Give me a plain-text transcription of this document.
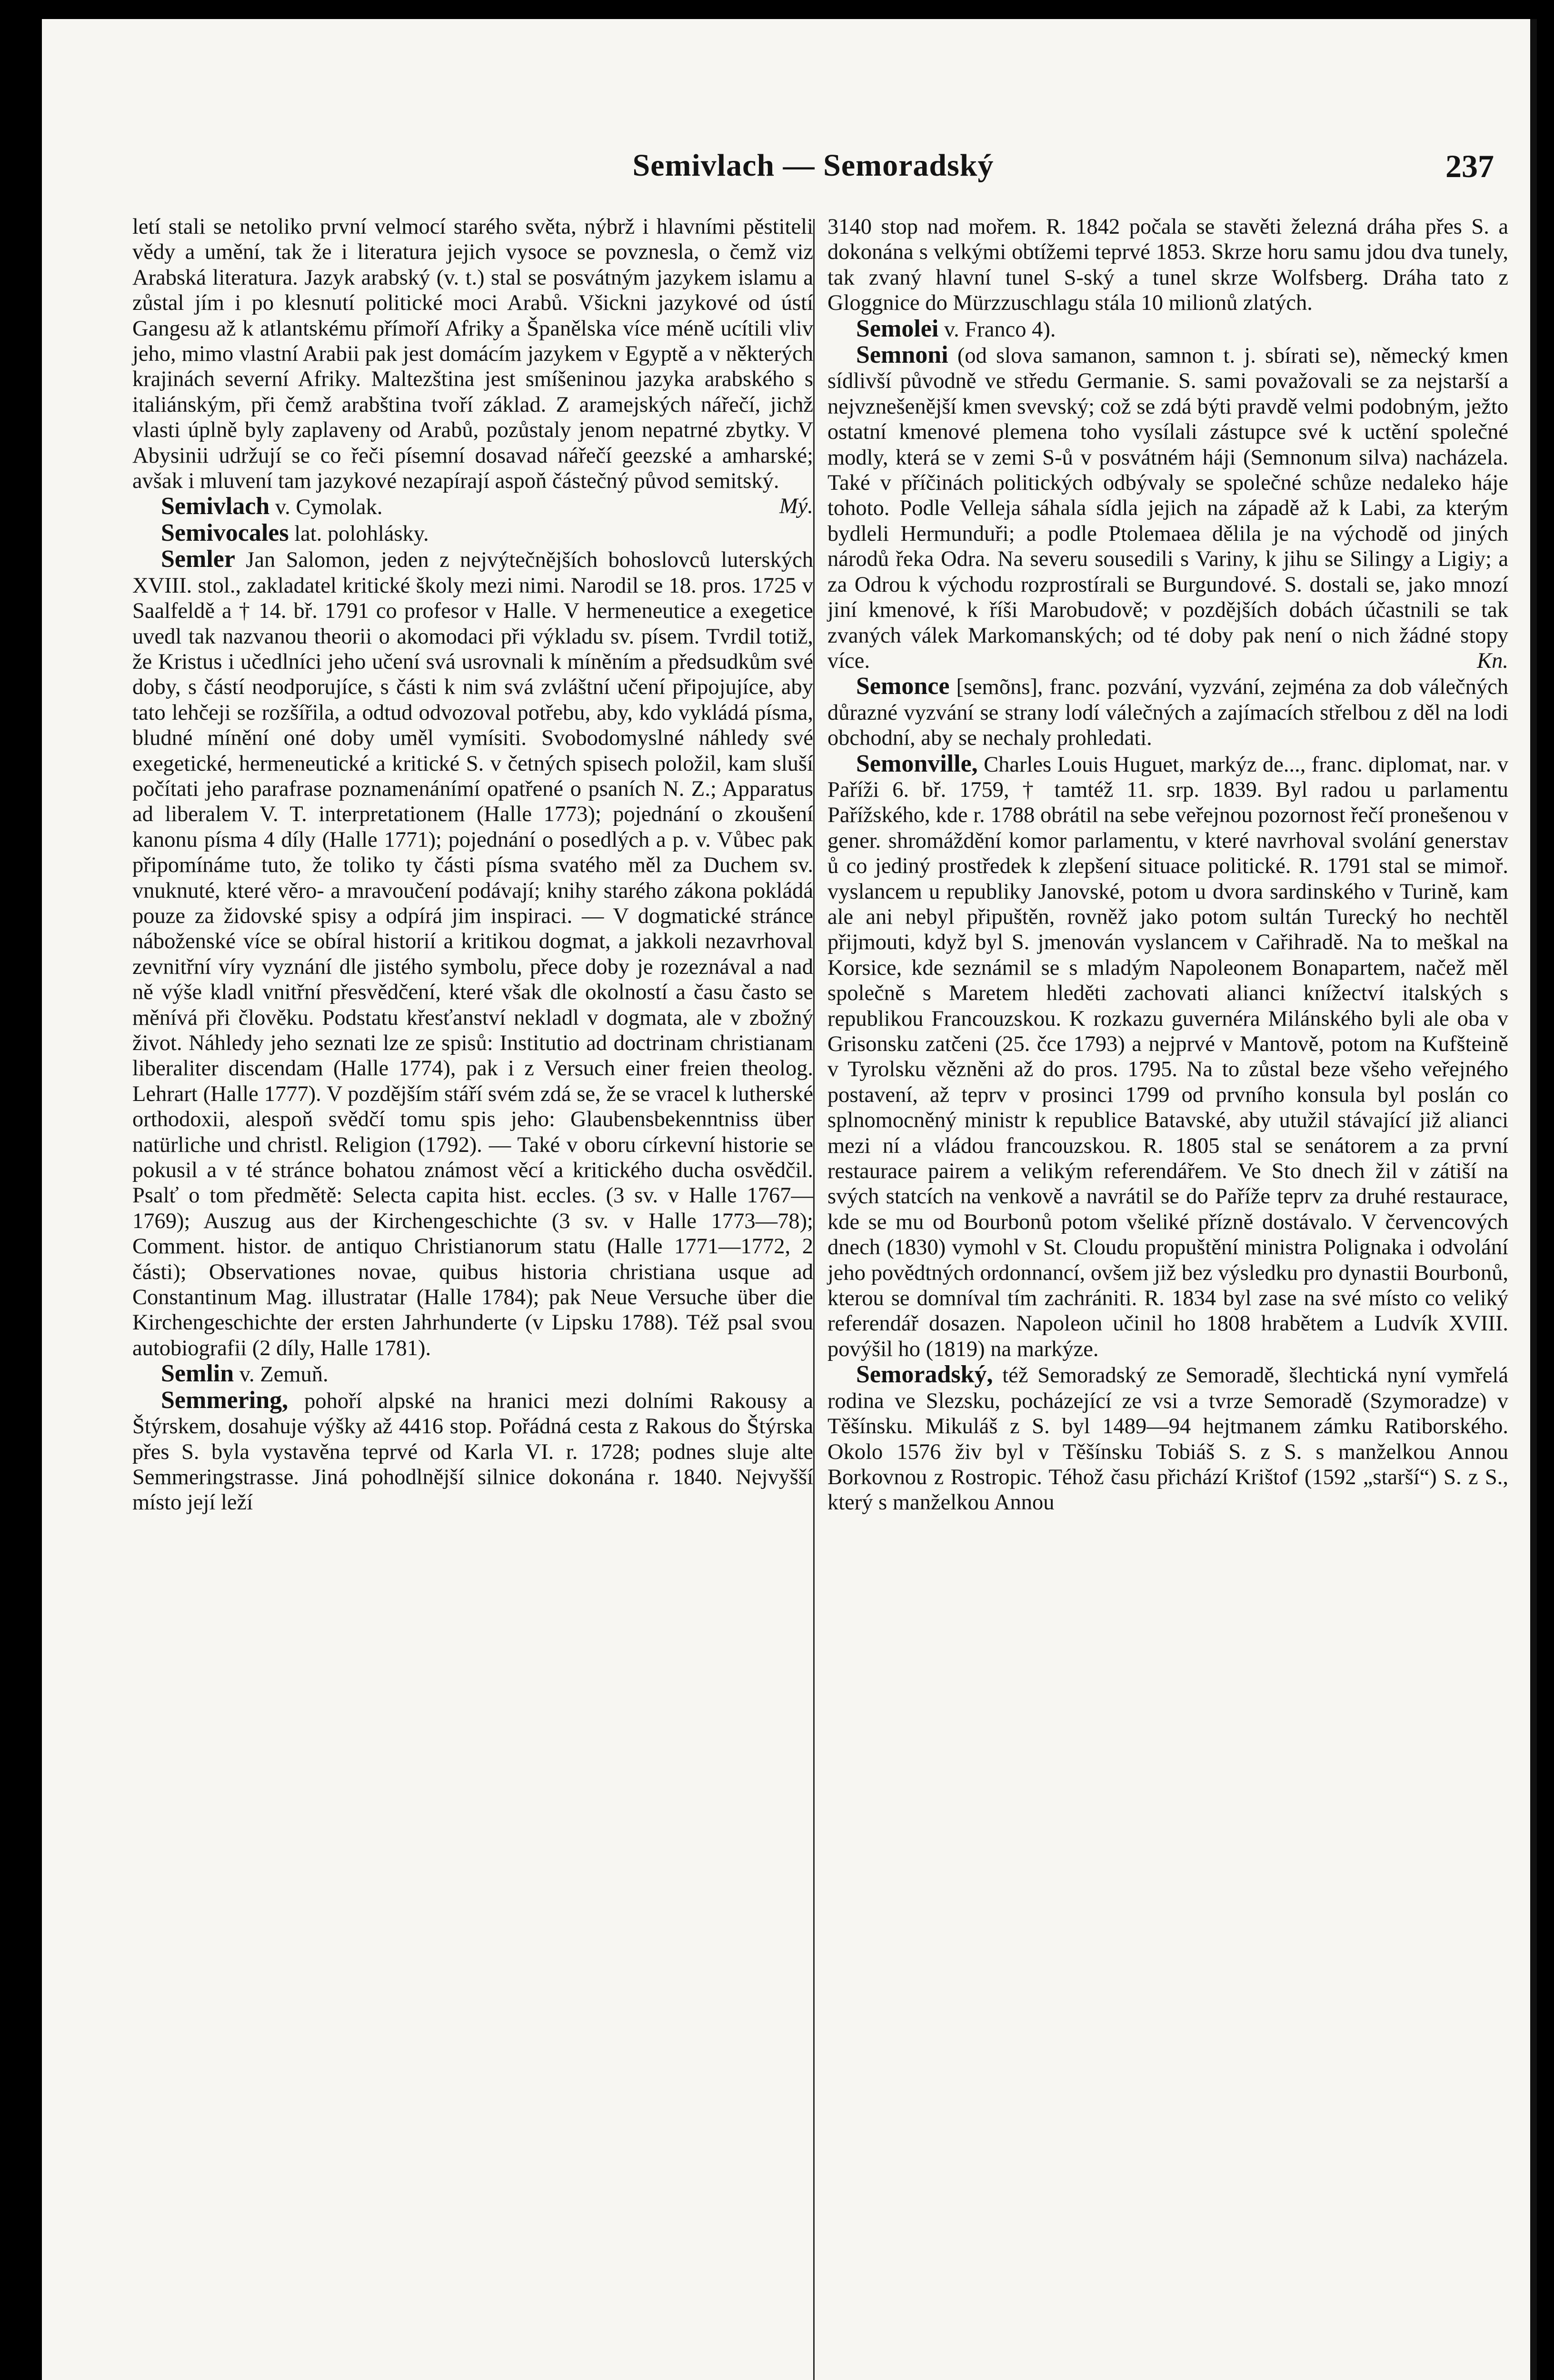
Semivlach — Semoradský	237

letí stali se netoliko první velmocí starého světa, nýbrž i hlavními pěstiteli vědy a umění, tak že i literatura jejich vysoce se povznesla, o čemž viz Arabská literatura. Jazyk arabský (v. t.) stal se posvátným jazykem islamu a zůstal jím i po klesnutí politické moci Arabů. Všickni jazykové od ústí Gangesu až k atlantskému přímoří Afriky a Španělska více méně ucítili vliv jeho, mimo vlastní Arabii pak jest domácím jazykem v Egyptě a v některých krajinách severní Afriky. Maltezština jest smíšeninou jazyka arabského s italiánským, při čemž arabština tvoří základ. Z aramejských nářečí, jichž vlasti úplně byly zaplaveny od Arabů, pozůstaly jenom nepatrné zbytky. V Abysinii udržují se co řeči písemní dosavad nářečí geezské a amharské; avšak i mluvení tam jazykové nezapírají aspoň částečný původ semitský.
Mý.

Semivlach v. Cymolak.

Semivocales lat. polohlásky.

Semler Jan Salomon, jeden z nejvýtečnějších bohoslovců luterských XVIII. stol., zakladatel kritické školy mezi nimi. Narodil se 18. pros. 1725 v Saalfeldě a † 14. bř. 1791 co profesor v Halle. V hermeneutice a exegetice uvedl tak nazvanou theorii o akomodaci při výkladu sv. písem. Tvrdil totiž, že Kristus i učedlníci jeho učení svá usrovnali k míněním a předsudkům své doby, s částí neodporujíce, s části k nim svá zvláštní učení připojujíce, aby tato lehčeji se rozšířila, a odtud odvozoval potřebu, aby, kdo vykládá písma, bludné mínění oné doby uměl vymísiti. Svobodomyslné náhledy své exegetické, hermeneutické a kritické S. v četných spisech položil, kam sluší počítati jeho parafrase poznamenánímí opatřené o psaních N. Z.; Apparatus ad liberalem V. T. interpretationem (Halle 1773); pojednání o zkoušení kanonu písma 4 díly (Halle 1771); pojednání o posedlých a p. v. Vůbec pak připomínáme tuto, že toliko ty části písma svatého měl za Duchem sv. vnuknuté, které věro- a mravoučení podávají; knihy starého zákona pokládá pouze za židovské spisy a odpírá jim inspiraci. — V dogmatické stránce náboženské více se obíral historií a kritikou dogmat, a jakkoli nezavrhoval zevnitřní víry vyznání dle jistého symbolu, přece doby je rozeznával a nad ně výše kladl vnitřní přesvědčení, které však dle okolností a času často se měnívá při člověku. Podstatu křesťanství nekladl v dogmata, ale v zbožný život. Náhledy jeho seznati lze ze spisů: Institutio ad doctrinam christianam liberaliter discendam (Halle 1774), pak i z Versuch einer freien theolog. Lehrart (Halle 1777). V pozdějším stáří svém zdá se, že se vracel k lutherské orthodoxii, alespoň svědčí tomu spis jeho: Glaubensbekenntniss über natürliche und christl. Religion (1792). — Také v oboru církevní historie se pokusil a v té stránce bohatou známost věcí a kritického ducha osvědčil. Psalť o tom předmětě: Selecta capita hist. eccles. (3 sv. v Halle 1767—1769); Auszug aus der Kirchengeschichte (3 sv. v Halle 1773—78); Comment. histor. de antiquo Christianorum statu (Halle 1771—1772, 2 části); Observationes novae, quibus historia christiana usque ad Constantinum Mag. illustratar (Halle 1784); pak Neue Versuche über die Kirchengeschichte der ersten Jahrhunderte (v Lipsku 1788). Též psal svou autobiografii (2 díly, Halle 1781).

Semlin v. Zemuň.

Semmering, pohoří alpské na hranici mezi dolními Rakousy a Štýrskem, dosahuje výšky až 4416 stop. Pořádná cesta z Rakous do Štýrska přes S. byla vystavěna teprvé od Karla VI. r. 1728; podnes sluje alte Semmeringstrasse. Jiná pohodlnější silnice dokonána r. 1840. Nejvyšší místo její leží

3140 stop nad mořem. R. 1842 počala se stavěti železná dráha přes S. a dokonána s velkými obtížemi teprvé 1853. Skrze horu samu jdou dva tunely, tak zvaný hlavní tunel S-ský a tunel skrze Wolfsberg. Dráha tato z Gloggnice do Mürzzuschlagu stála 10 milionů zlatých.

Semolei v. Franco 4).

Semnoni (od slova samanon, samnon t. j. sbírati se), německý kmen sídlivší původně ve středu Germanie. S. sami považovali se za nejstarší a nejvznešenější kmen svevský; což se zdá býti pravdě velmi podobným, ježto ostatní kmenové plemena toho vysílali zástupce své k uctění společné modly, která se v zemi S-ů v posvátném háji (Semnonum silva) nacházela. Také v příčinách politických odbývaly se společné schůze nedaleko háje tohoto. Podle Velleja sáhala sídla jejich na západě až k Labi, za kterým bydleli Hermunduři; a podle Ptolemaea dělila je na východě od jiných národů řeka Odra. Na severu sousedili s Variny, k jihu se Silingy a Ligiy; a za Odrou k východu rozprostírali se Burgundové. S. dostali se, jako mnozí jiní kmenové, k říši Marobudově; v pozdějších dobách účastnili se tak zvaných válek Markomanských; od té doby pak není o nich žádné stopy více.	Kn.

Semonce [semõns], franc. pozvání, vyzvání, zejména za dob válečných důrazné vyzvání se strany lodí válečných a zajímacích střelbou z děl na lodi obchodní, aby se nechaly prohledati.

Semonville, Charles Louis Huguet, markýz de..., franc. diplomat, nar. v Paříži 6. bř. 1759, † tamtéž 11. srp. 1839. Byl radou u parlamentu Pařížského, kde r. 1788 obrátil na sebe veřejnou pozornost řečí pronešenou v gener. shromáždění komor parlamentu, v které navrhoval svolání generstav ů co jediný prostředek k zlepšení situace politické. R. 1791 stal se mimoř. vyslancem u republiky Janovské, potom u dvora sardinského v Turině, kam ale ani nebyl připuštěn, rovněž jako potom sultán Turecký ho nechtěl přijmouti, když byl S. jmenován vyslancem v Cařihradě. Na to meškal na Korsice, kde seznámil se s mladým Napoleonem Bonapartem, načež měl společně s Maretem hleděti zachovati alianci knížectví italských s republikou Francouzskou. K rozkazu guvernéra Milánského byli ale oba v Grisonsku zatčeni (25. čce 1793) a nejprvé v Mantově, potom na Kufšteině v Tyrolsku vězněni až do pros. 1795. Na to zůstal beze všeho veřejného postavení, až teprv v prosinci 1799 od prvního konsula byl poslán co splnomocněný ministr k republice Batavské, aby utužil stávající již alianci mezi ní a vládou francouzskou. R. 1805 stal se senátorem a za první restaurace pairem a velikým referendářem. Ve Sto dnech žil v zátiší na svých statcích na venkově a navrátil se do Paříže teprv za druhé restaurace, kde se mu od Bourbonů potom všeliké přízně dostávalo. V červencových dnech (1830) vymohl v St. Cloudu propuštění ministra Polignaka i odvolání jeho povědtných ordonnancí, ovšem již bez výsledku pro dynastii Bourbonů, kterou se domníval tím zachrániti. R. 1834 byl zase na své místo co veliký referendář dosazen. Napoleon učinil ho 1808 hrabětem a Ludvík XVIII. povýšil ho (1819) na markýze.

Semoradský, též Semoradský ze Semoradě, šlechtická nyní vymřelá rodina ve Slezsku, pocházející ze vsi a tvrze Semoradě (Szymoradze) v Těšínsku. Mikuláš z S. byl 1489—94 hejtmanem zámku Ratiborského. Okolo 1576 živ byl v Těšínsku Tobiáš S. z S. s manželkou Annou Borkovnou z Rostropic. Téhož času přichází Krištof (1592 „starší“) S. z S., který s manželkou Annou
